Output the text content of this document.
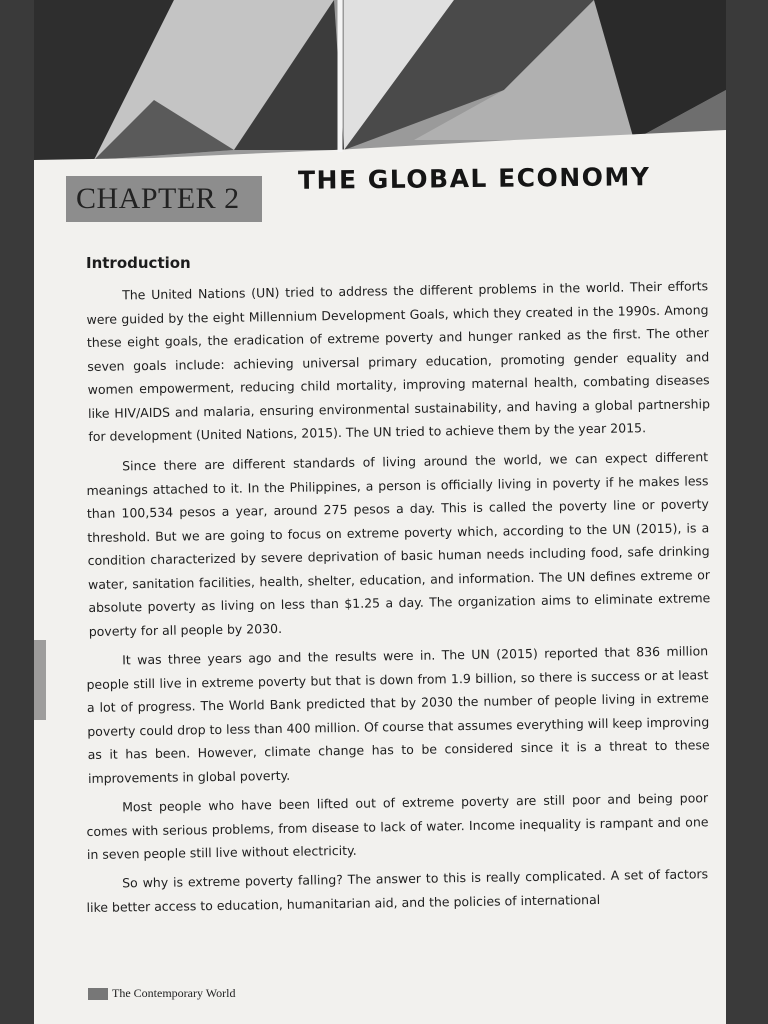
CHAPTER 2
THE GLOBAL ECONOMY
Introduction

The United Nations (UN) tried to address the different problems in the world. Their efforts were guided by the eight Millennium Development Goals, which they created in the 1990s. Among these eight goals, the eradication of extreme poverty and hunger ranked as the first. The other seven goals include: achieving universal primary education, promoting gender equality and women empowerment, reducing child mortality, improving maternal health, combating diseases like HIV/AIDS and malaria, ensuring environmental sustainability, and having a global partnership for development (United Nations, 2015). The UN tried to achieve them by the year 2015.

Since there are different standards of living around the world, we can expect different meanings attached to it. In the Philippines, a person is officially living in poverty if he makes less than 100,534 pesos a year, around 275 pesos a day. This is called the poverty line or poverty threshold. But we are going to focus on extreme poverty which, according to the UN (2015), is a condition characterized by severe deprivation of basic human needs including food, safe drinking water, sanitation facilities, health, shelter, education, and information. The UN defines extreme or absolute poverty as living on less than $1.25 a day. The organization aims to eliminate extreme poverty for all people by 2030.

It was three years ago and the results were in. The UN (2015) reported that 836 million people still live in extreme poverty but that is down from 1.9 billion, so there is success or at least a lot of progress. The World Bank predicted that by 2030 the number of people living in extreme poverty could drop to less than 400 million. Of course that assumes everything will keep improving as it has been. However, climate change has to be considered since it is a threat to these improvements in global poverty.

Most people who have been lifted out of extreme poverty are still poor and being poor comes with serious problems, from disease to lack of water. Income inequality is rampant and one in seven people still live without electricity.

So why is extreme poverty falling? The answer to this is really complicated. A set of factors like better access to education, humanitarian aid, and the policies of international

The Contemporary World
